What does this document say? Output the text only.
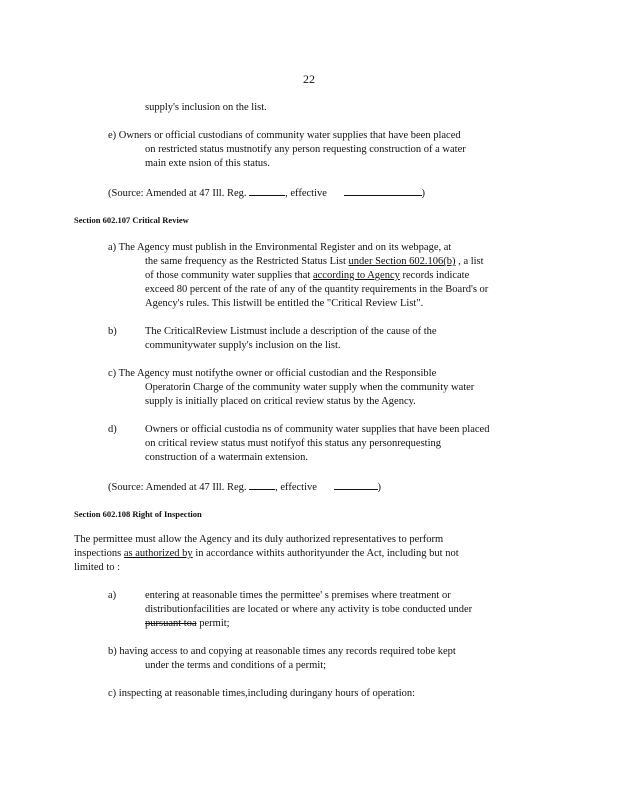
22
supply's inclusion on the list.
e) Owners or official custodians of community water supplies that have been placed
on restricted status mustnotify any person requesting construction of a water
main exte nsion of this status.
(Source: Amended at 47 Ill. Reg.	, effective	)
Section 602.107 Critical Review
a) The Agency must publish in the Environmental Register and on its webpage, at
the same frequency as the Restricted Status List under Section 602.106(b) , a list
of those community water supplies that according to Agency records indicate
exceed 80 percent of the rate of any of the quantity requirements in the Board's or
Agency's rules. This listwill be entitled the "Critical Review List".
b)	The CriticalReview Listmust include a description of the cause of the
communitywater supply's inclusion on the list.
c) The Agency must notifythe owner or official custodian and the Responsible
Operatorin Charge of the community water supply when the community water
supply is initially placed on critical review status by the Agency.
d)	Owners or official custodia ns of community water supplies that have been placed
on critical review status must notifyof this status any personrequesting
construction of a watermain extension.
(Source: Amended at 47 Ill. Reg.	, effective	)
Section 602.108 Right of Inspection
The permittee must allow the Agency and its duly authorized representatives to perform
inspections as authorized by in accordance withits authorityunder the Act, including but not
limited to :
a)	entering at reasonable times the permittee' s premises where treatment or
distributionfacilities are located or where any activity is tobe conducted under
pursuant toa permit;
b) having access to and copying at reasonable times any records required tobe kept
under the terms and conditions of a permit;
c) inspecting at reasonable times,including duringany hours of operation:
